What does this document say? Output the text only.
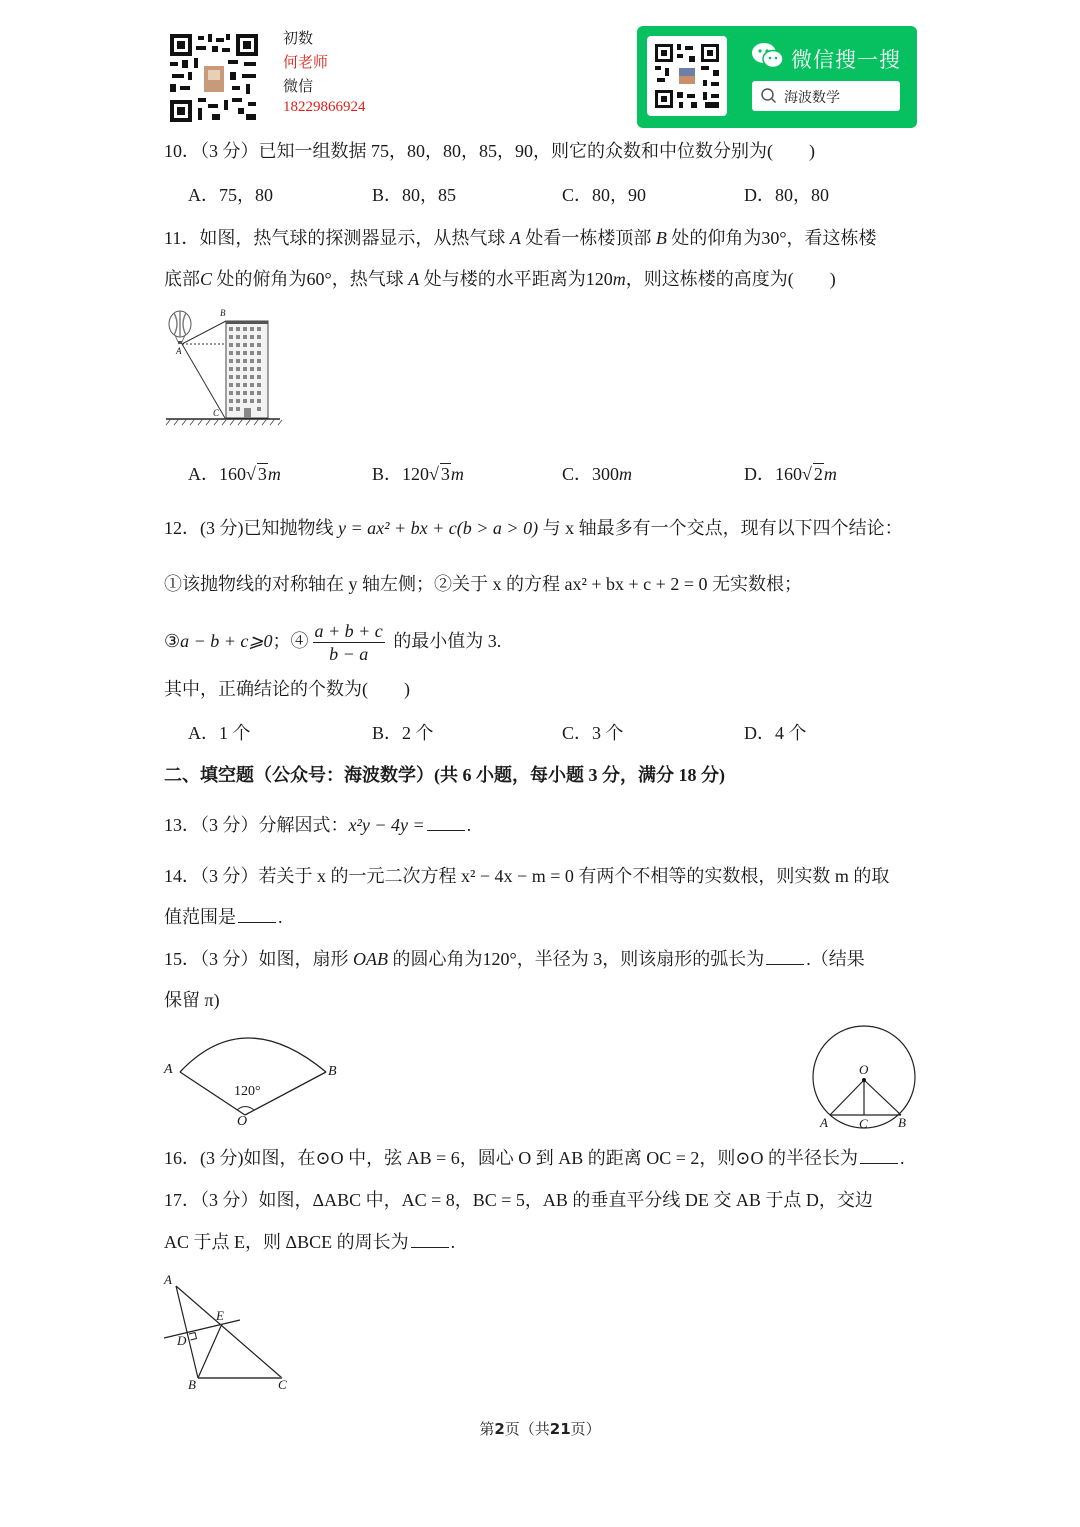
初数
何老师
微信
18229866924
微信搜一搜
海波数学
10．（3 分）已知一组数据 75，80，80，85，90，则它的众数和中位数分别为(　　)
A．75，80	B．80，85	C．80，90	D．80，80
11．如图，热气球的探测器显示，从热气球 A 处看一栋楼顶部 B 处的仰角为30°，看这栋楼
底部C 处的俯角为60°，热气球 A 处与楼的水平距离为120m，则这栋楼的高度为(　　)
B
A
C
A．160√ 3m	B．120√ 3m	C．300m	D．160√ 2m
12．(3 分)已知抛物线 y = ax² + bx + c(b > a > 0) 与 x 轴最多有一个交点，现有以下四个结论：
①该抛物线的对称轴在 y 轴左侧；②关于 x 的方程 ax² + bx + c + 2 = 0 无实数根；
③a − b + c⩾0；④ $\frac{a + b + c}{b - a}$ 的最小值为 3.
其中，正确结论的个数为(　　)
A．1 个	B．2 个	C．3 个	D．4 个
二、填空题（公众号：海波数学）(共 6 小题，每小题 3 分，满分 18 分)
13．（3 分）分解因式：x²y − 4y = .
14．（3 分）若关于 x 的一元二次方程 x² − 4x − m = 0 有两个不相等的实数根，则实数 m 的取
值范围是 .
15．（3 分）如图，扇形 OAB 的圆心角为120°，半径为 3，则该扇形的弧长为 .（结果
保留 π)
A	B
120°
O
O
A C B
16．(3 分)如图，在⊙O 中，弦 AB = 6，圆心 O 到 AB 的距离 OC = 2，则⊙O 的半径长为 .
17．（3 分）如图，ΔABC 中，AC = 8，BC = 5，AB 的垂直平分线 DE 交 AB 于点 D，交边
AC 于点 E，则 ΔBCE 的周长为 .
A
E
D
B	C
第2页（共21页）
